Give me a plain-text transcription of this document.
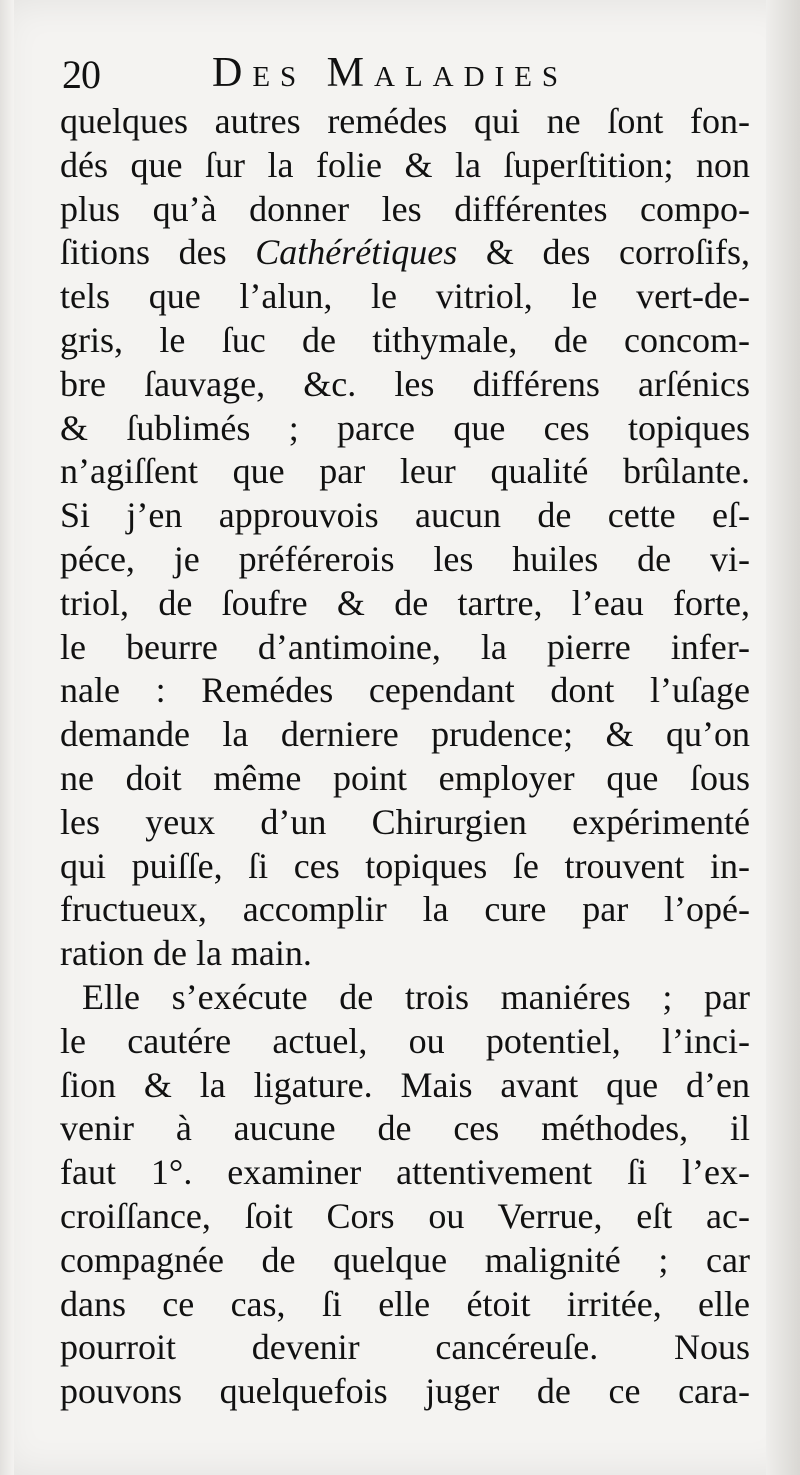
20	Des Maladies
quelques autres remédes qui ne ſont fon-
dés que ſur la folie & la ſuperſtition; non
plus qu’à donner les différentes compo-
ſitions des Cathérétiques & des corroſifs,
tels que l’alun, le vitriol, le vert-de-
gris, le ſuc de tithymale, de concom-
bre ſauvage, &c. les différens arſénics
& ſublimés ; parce que ces topiques
n’agiſſent que par leur qualité brûlante.
Si j’en approuvois aucun de cette eſ-
péce, je préférerois les huiles de vi-
triol, de ſoufre & de tartre, l’eau forte,
le beurre d’antimoine, la pierre infer-
nale : Remédes cependant dont l’uſage
demande la derniere prudence; & qu’on
ne doit même point employer que ſous
les yeux d’un Chirurgien expérimenté
qui puiſſe, ſi ces topiques ſe trouvent in-
fructueux, accomplir la cure par l’opé-
ration de la main.
Elle s’exécute de trois maniéres ; par
le cautére actuel, ou potentiel, l’inci-
ſion & la ligature. Mais avant que d’en
venir à aucune de ces méthodes, il
faut 1°. examiner attentivement ſi l’ex-
croiſſance, ſoit Cors ou Verrue, eſt ac-
compagnée de quelque malignité ; car
dans ce cas, ſi elle étoit irritée, elle
pourroit devenir cancéreuſe. Nous
pouvons quelquefois juger de ce cara-
